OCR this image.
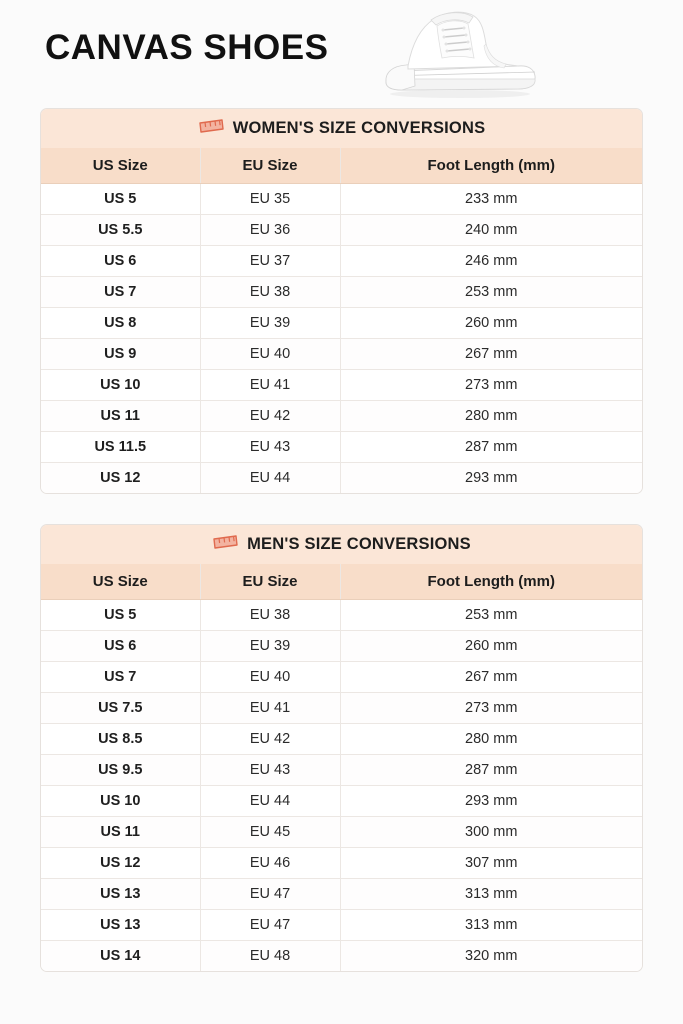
CANVAS SHOES
WOMEN'S SIZE CONVERSIONS
US Size	EU Size	Foot Length (mm)
US 5	EU 35	233 mm
US 5.5	EU 36	240 mm
US 6	EU 37	246 mm
US 7	EU 38	253 mm
US 8	EU 39	260 mm
US 9	EU 40	267 mm
US 10	EU 41	273 mm
US 11	EU 42	280 mm
US 11.5	EU 43	287 mm
US 12	EU 44	293 mm
MEN'S SIZE CONVERSIONS
US Size	EU Size	Foot Length (mm)
US 5	EU 38	253 mm
US 6	EU 39	260 mm
US 7	EU 40	267 mm
US 7.5	EU 41	273 mm
US 8.5	EU 42	280 mm
US 9.5	EU 43	287 mm
US 10	EU 44	293 mm
US 11	EU 45	300 mm
US 12	EU 46	307 mm
US 13	EU 47	313 mm
US 13	EU 47	313 mm
US 14	EU 48	320 mm
